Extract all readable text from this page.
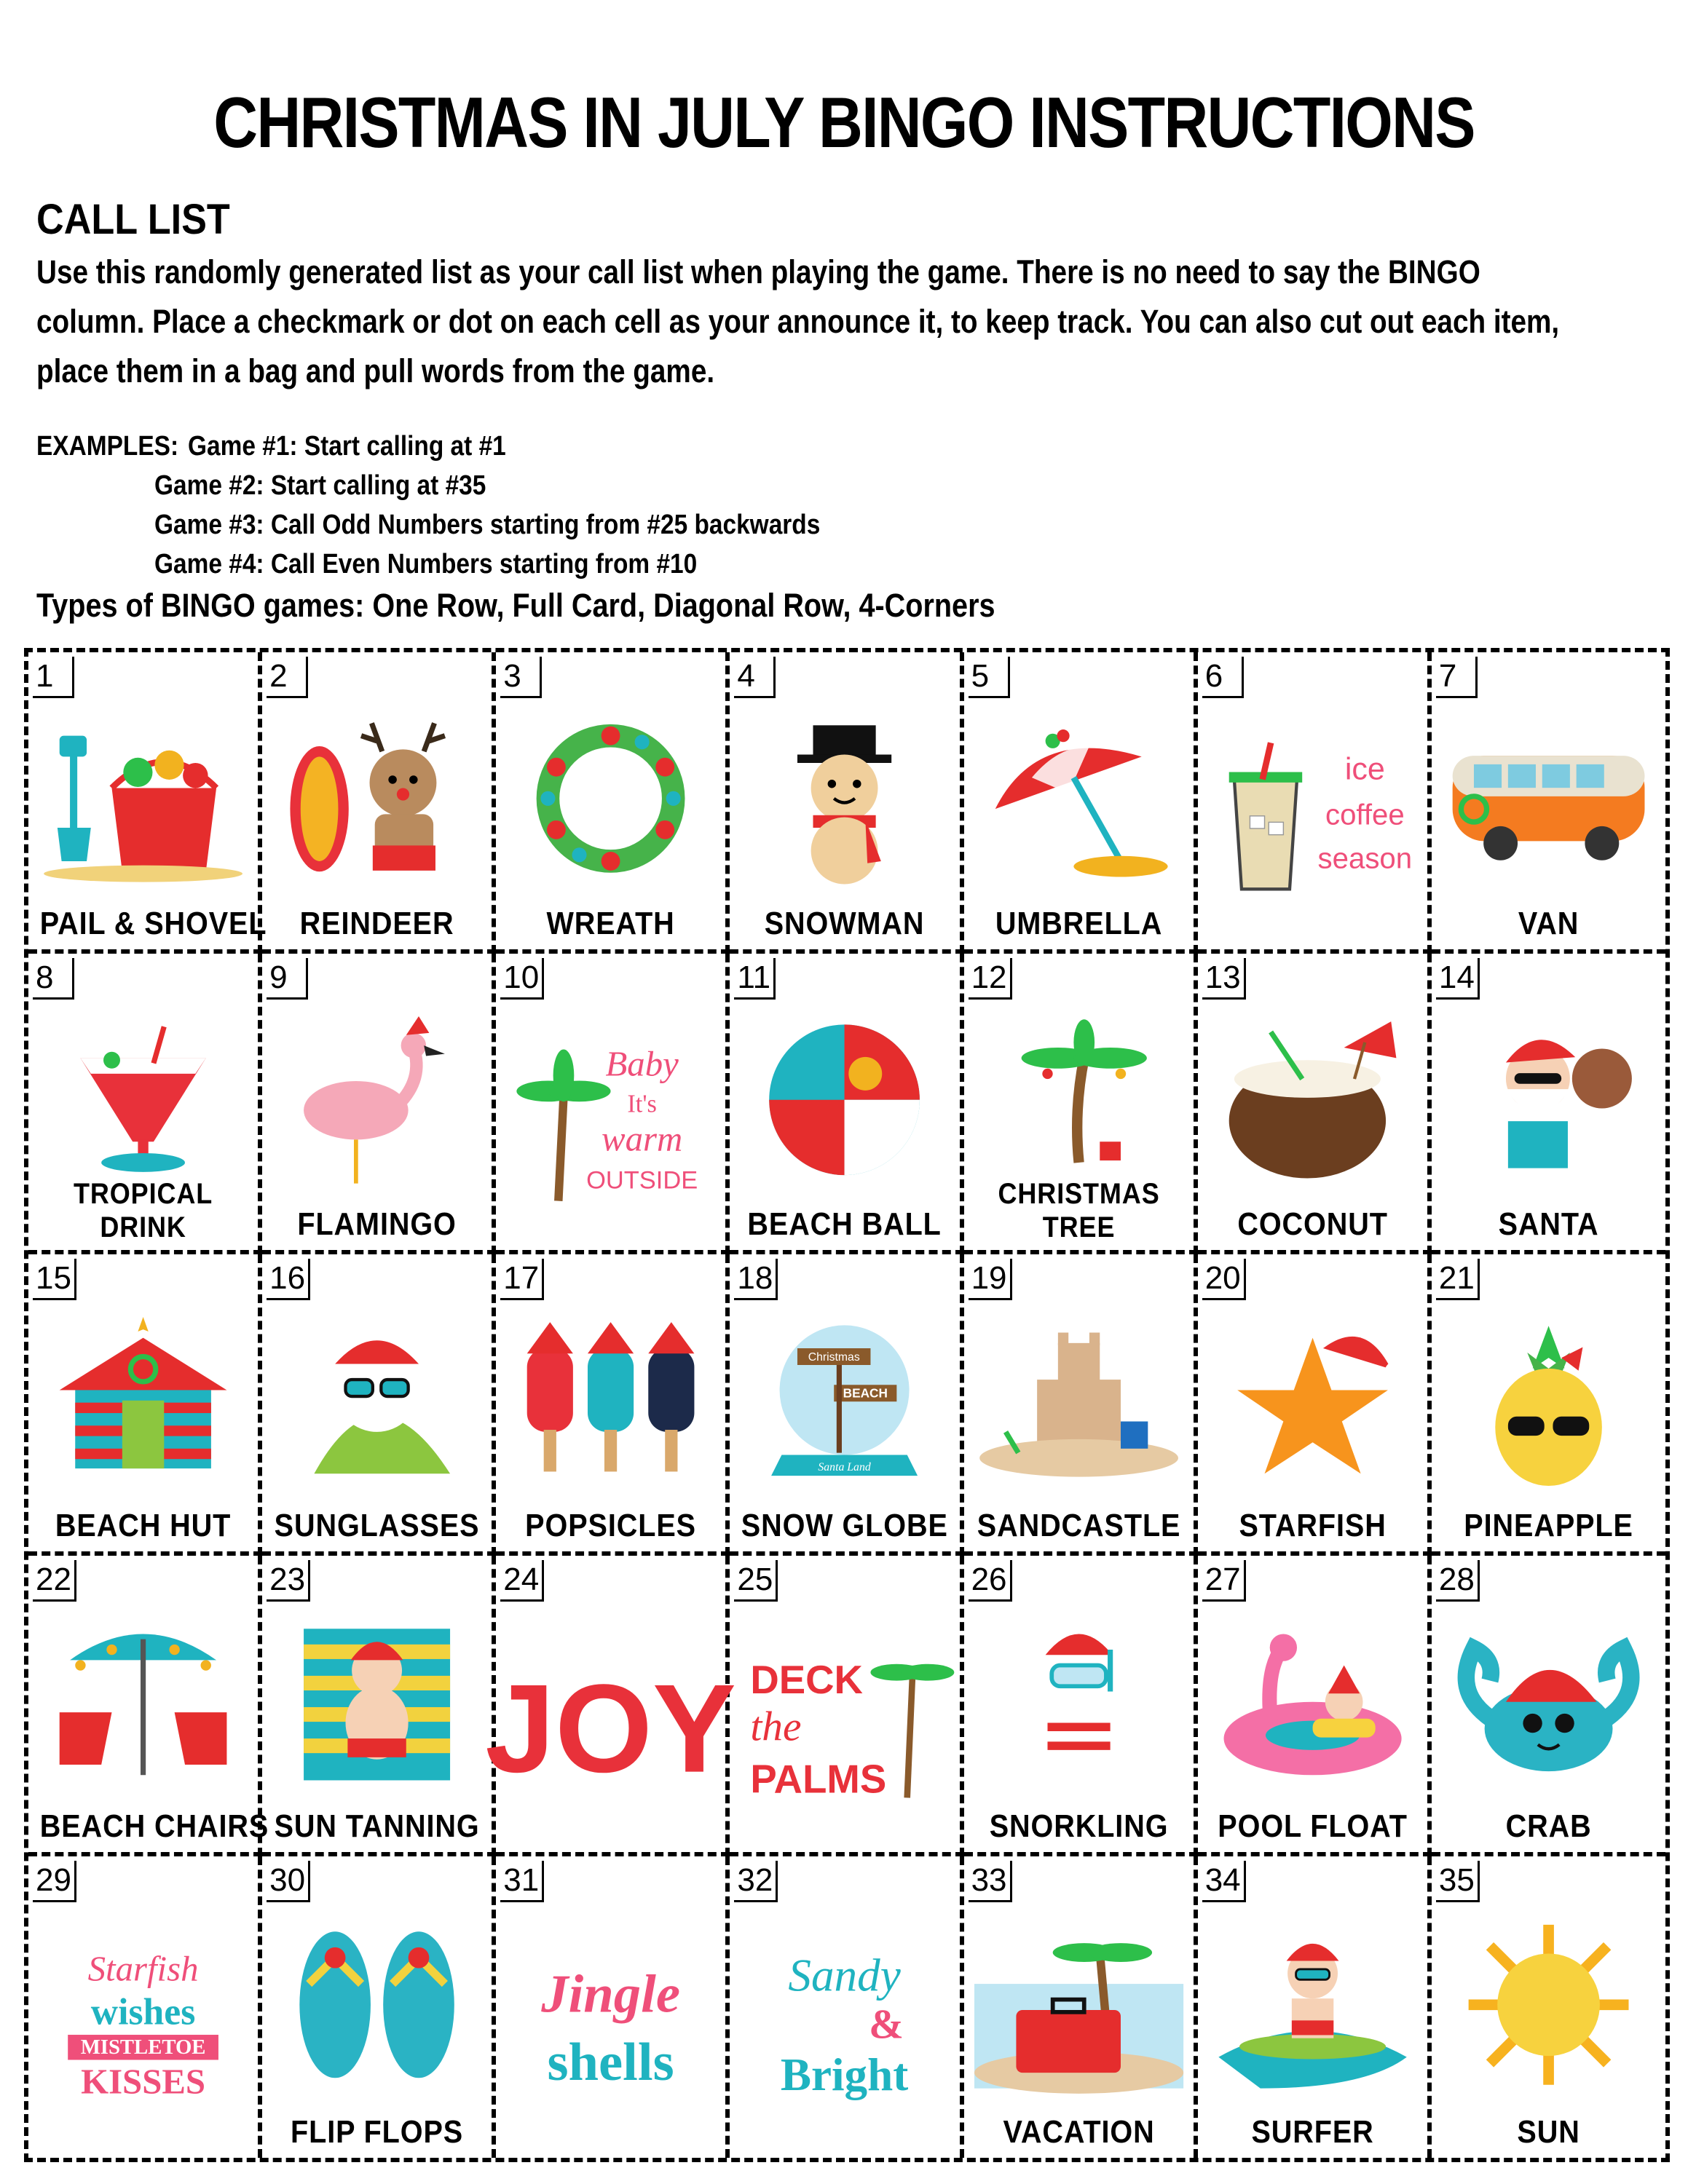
CHRISTMAS IN JULY BINGO INSTRUCTIONS
CALL LIST
Use this randomly generated list as your call list when playing the game. There is no need to say the BINGO column. Place a checkmark or dot on each cell as your announce it, to keep track. You can also cut out each item, place them in a bag and pull words from the game.
EXAMPLES: Game #1: Start calling at #1
Game #2: Start calling at #35
Game #3: Call Odd Numbers starting from #25 backwards
Game #4: Call Even Numbers starting from #10
Types of BINGO games: One Row, Full Card, Diagonal Row, 4-Corners
1
PAIL & SHOVEL
2
REINDEER
3
WREATH
4
SNOWMAN
5
UMBRELLA
6
ice
coffee
season
7
VAN
8
TROPICAL
DRINK
9
FLAMINGO
10
Baby
It's
warm
OUTSIDE
11
BEACH BALL
12
CHRISTMAS
TREE
13
COCONUT
14
SANTA
15
BEACH HUT
16
SUNGLASSES
17
POPSICLES
18
Christmas
BEACH
Santa Land
SNOW GLOBE
19
SANDCASTLE
20
STARFISH
21
PINEAPPLE
22
BEACH CHAIRS
23
SUN TANNING
24
JOY
25
DECK
the
PALMS
26
SNORKLING
27
POOL FLOAT
28
CRAB
29
Starfish
wishes
MISTLETOE
KISSES
30
FLIP FLOPS
31
Jingle
shells
32
Sandy
&
Bright
33
VACATION
34
SURFER
35
SUN
